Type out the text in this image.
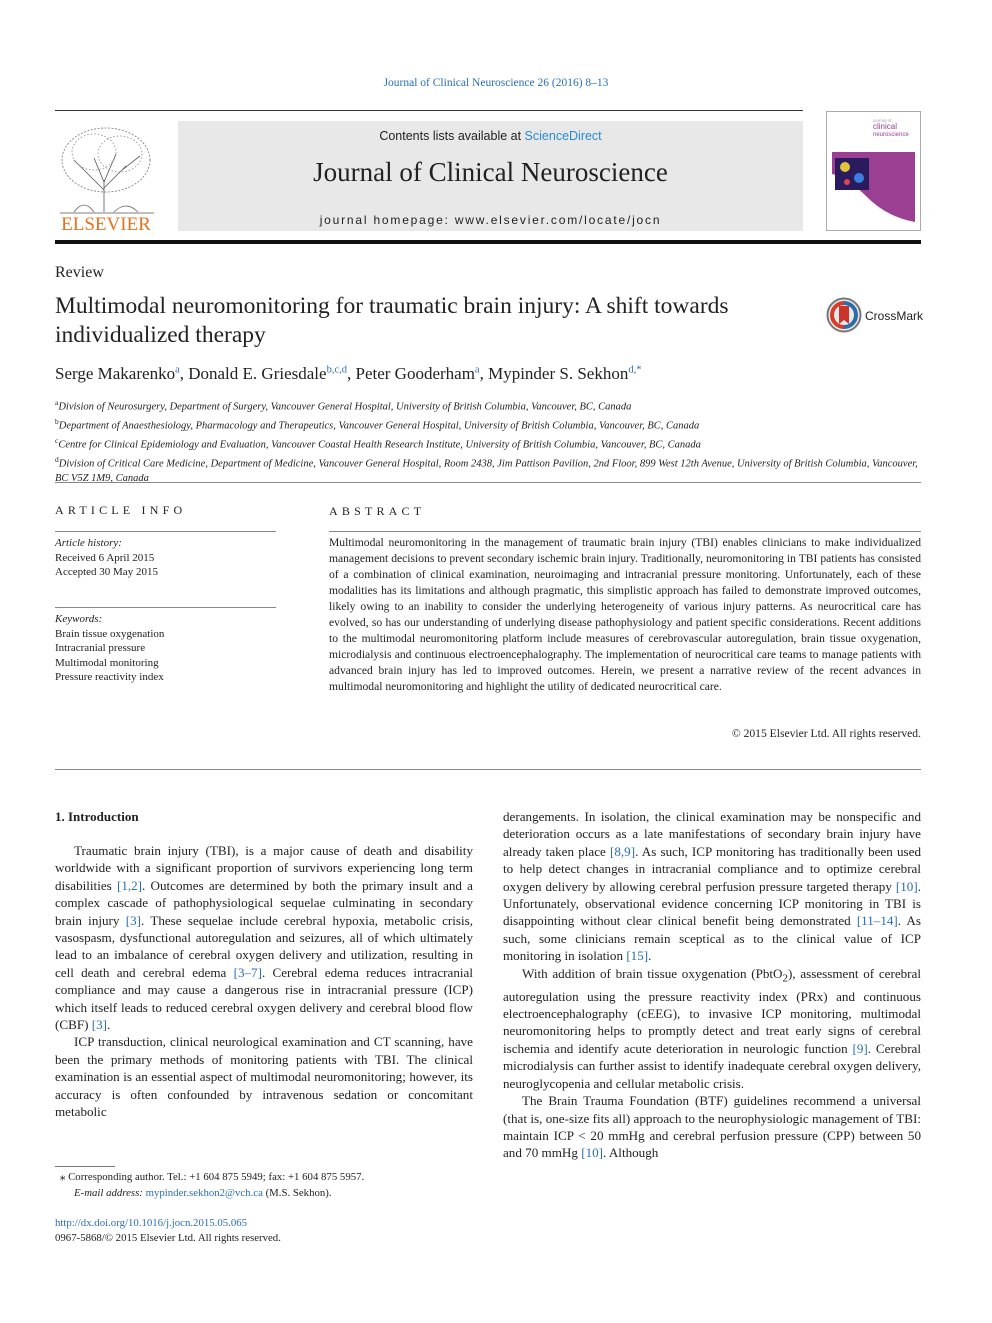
Journal of Clinical Neuroscience 26 (2016) 8–13
ELSEVIER
Contents lists available at ScienceDirect
Journal of Clinical Neuroscience
journal homepage: www.elsevier.com/locate/jocn
journal of
clinical
neuroscience
Review
Multimodal neuromonitoring for traumatic brain injury: A shift towards individualized therapy
CrossMark
Serge Makarenko$^a$, Donald E. Griesdale$^{b,c,d}$, Peter Gooderham$^a$, Mypinder S. Sekhon$^{d,*}$
$^a$Division of Neurosurgery, Department of Surgery, Vancouver General Hospital, University of British Columbia, Vancouver, BC, Canada
$^b$Department of Anaesthesiology, Pharmacology and Therapeutics, Vancouver General Hospital, University of British Columbia, Vancouver, BC, Canada
$^c$Centre for Clinical Epidemiology and Evaluation, Vancouver Coastal Health Research Institute, University of British Columbia, Vancouver, BC, Canada
$^d$Division of Critical Care Medicine, Department of Medicine, Vancouver General Hospital, Room 2438, Jim Pattison Pavilion, 2nd Floor, 899 West 12th Avenue, University of British Columbia, Vancouver, BC V5Z 1M9, Canada
ARTICLE INFO
Article history:
Received 6 April 2015
Accepted 30 May 2015
Keywords:
Brain tissue oxygenation
Intracranial pressure
Multimodal monitoring
Pressure reactivity index
ABSTRACT
Multimodal neuromonitoring in the management of traumatic brain injury (TBI) enables clinicians to make individualized management decisions to prevent secondary ischemic brain injury. Traditionally, neuromonitoring in TBI patients has consisted of a combination of clinical examination, neuroimaging and intracranial pressure monitoring. Unfortunately, each of these modalities has its limitations and although pragmatic, this simplistic approach has failed to demonstrate improved outcomes, likely owing to an inability to consider the underlying heterogeneity of various injury patterns. As neurocritical care has evolved, so has our understanding of underlying disease pathophysiology and patient specific considerations. Recent additions to the multimodal neuromonitoring platform include measures of cerebrovascular autoregulation, brain tissue oxygenation, microdialysis and continuous electroencephalography. The implementation of neurocritical care teams to manage patients with advanced brain injury has led to improved outcomes. Herein, we present a narrative review of the recent advances in multimodal neuromonitoring and highlight the utility of dedicated neurocritical care.
© 2015 Elsevier Ltd. All rights reserved.
1. Introduction

Traumatic brain injury (TBI), is a major cause of death and disability worldwide with a significant proportion of survivors experiencing long term disabilities [1,2]. Outcomes are determined by both the primary insult and a complex cascade of pathophysiological sequelae culminating in secondary brain injury [3]. These sequelae include cerebral hypoxia, metabolic crisis, vasospasm, dysfunctional autoregulation and seizures, all of which ultimately lead to an imbalance of cerebral oxygen delivery and utilization, resulting in cell death and cerebral edema [3–7]. Cerebral edema reduces intracranial compliance and may cause a dangerous rise in intracranial pressure (ICP) which itself leads to reduced cerebral oxygen delivery and cerebral blood flow (CBF) [3].

ICP transduction, clinical neurological examination and CT scanning, have been the primary methods of monitoring patients with TBI. The clinical examination is an essential aspect of multimodal neuromonitoring; however, its accuracy is often confounded by intravenous sedation or concomitant metabolic

derangements. In isolation, the clinical examination may be nonspecific and deterioration occurs as a late manifestations of secondary brain injury have already taken place [8,9]. As such, ICP monitoring has traditionally been used to help detect changes in intracranial compliance and to optimize cerebral oxygen delivery by allowing cerebral perfusion pressure targeted therapy [10]. Unfortunately, observational evidence concerning ICP monitoring in TBI is disappointing without clear clinical benefit being demonstrated [11–14]. As such, some clinicians remain sceptical as to the clinical value of ICP monitoring in isolation [15].

With addition of brain tissue oxygenation (PbtO$_2$), assessment of cerebral autoregulation using the pressure reactivity index (PRx) and continuous electroencephalography (cEEG), to invasive ICP monitoring, multimodal neuromonitoring helps to promptly detect and treat early signs of cerebral ischemia and identify acute deterioration in neurologic function [9]. Cerebral microdialysis can further assist to identify inadequate cerebral oxygen delivery, neuroglycopenia and cellular metabolic crisis.

The Brain Trauma Foundation (BTF) guidelines recommend a universal (that is, one-size fits all) approach to the neurophysiologic management of TBI: maintain ICP < 20 mmHg and cerebral perfusion pressure (CPP) between 50 and 70 mmHg [10]. Although

⁎ Corresponding author. Tel.: +1 604 875 5949; fax: +1 604 875 5957.
E-mail address: mypinder.sekhon2@vch.ca (M.S. Sekhon).
http://dx.doi.org/10.1016/j.jocn.2015.05.065
0967-5868/© 2015 Elsevier Ltd. All rights reserved.
